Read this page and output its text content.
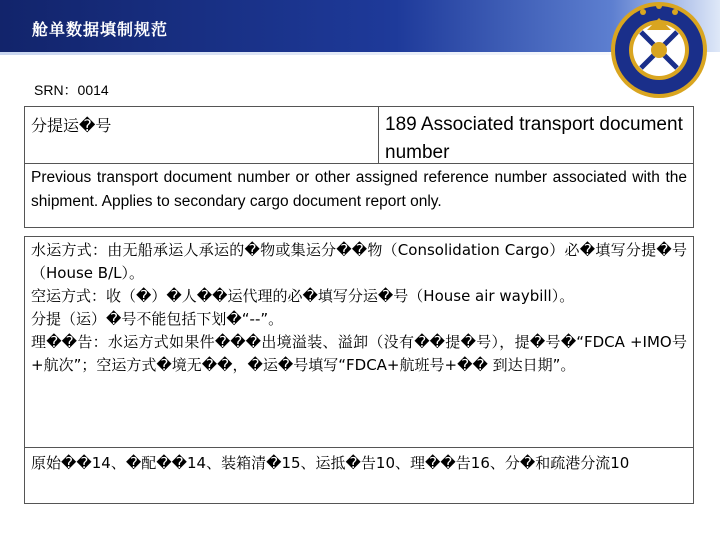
舱单数据填制规范
SRN：0014
分提运�号	189 Associated transport document number
Previous transport document number or other assigned reference number associated with the shipment. Applies to secondary cargo document report only.

水运方式：由无船承运人承运的�物或集运分��物（Consolidation Cargo）必�填写分提�号（House B/L）。

空运方式：收（�）�人��运代理的必�填写分运�号（House air waybill）。

分提（运）�号不能包括下划�“--”。

理��告：水运方式如果件���出境溢装、溢卸（没有��提�号），提�号�“FDCA +IMO号+航次”；空运方式�境无��，�运�号填写“FDCA+航班号+�� 到达日期”。

原始��14、�配��14、装箱清�15、运抵�告10、理��告16、分�和疏港分流10
